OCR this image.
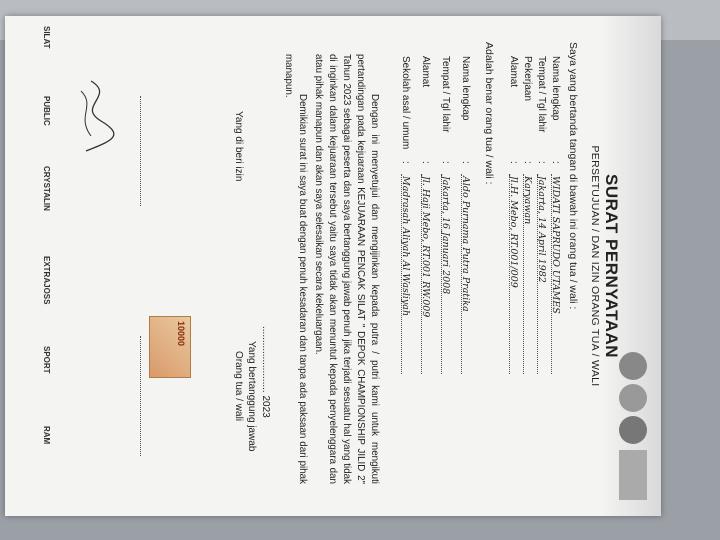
SURAT PERNYATAAN
PERSETUJUAN / DAN IZIN ORANG TUA / WALI
Saya yang bertanda tangan di bawah ini orang tua / wali :
Nama lengkap
:
WIDATI SAPRUDO UTAMES
Tempat / Tgl lahir
:
Jakarta, 14 April 1982
Pekerjaan
:
Karyawan
Alamat
:
Jl.H. Mebo, RT.001/009
Adalah benar orang tua / wali :
Nama lengkap
:
Aldo Purnama Putra Pratika
Tempat / Tgl lahir
:
Jakarta, 16 Januari 2008
Alamat
:
Jl. Haji Mebo, RT.001 RW.009
Sekolah asal / umum
:
Madrasah Aliyah Al Wasliyah
Dengan ini menyetujui dan mengijinkan kepada putra / putri kami untuk mengikuti pertandingan pada kejuaraan KEJUARAAN PENCAK SILAT " DEPOK CHAMPIONSHIP JILID 2" Tahun 2023 sebagai peserta dan saya bertanggung jawab penuh jika terjadi sesuatu hal yang tidak di inginkan dalam kejuaraan tersebut yaitu saya tidak akan menuntut kepada penyelenggara dan atau pihak manapun dan akan saya selesaikan secara kekeluargaan.
Demikian surat ini saya buat dengan penuh kesadaran dan tanpa ada paksaan dari pihak manapun.
........................ 2023
Yang bertanggung jawab
Orang tua / wali
Yang di beri izin
10000
SILAT
PUBLIC
CRYSTALIN
EXTRAJOSS
SPORT
RAM
